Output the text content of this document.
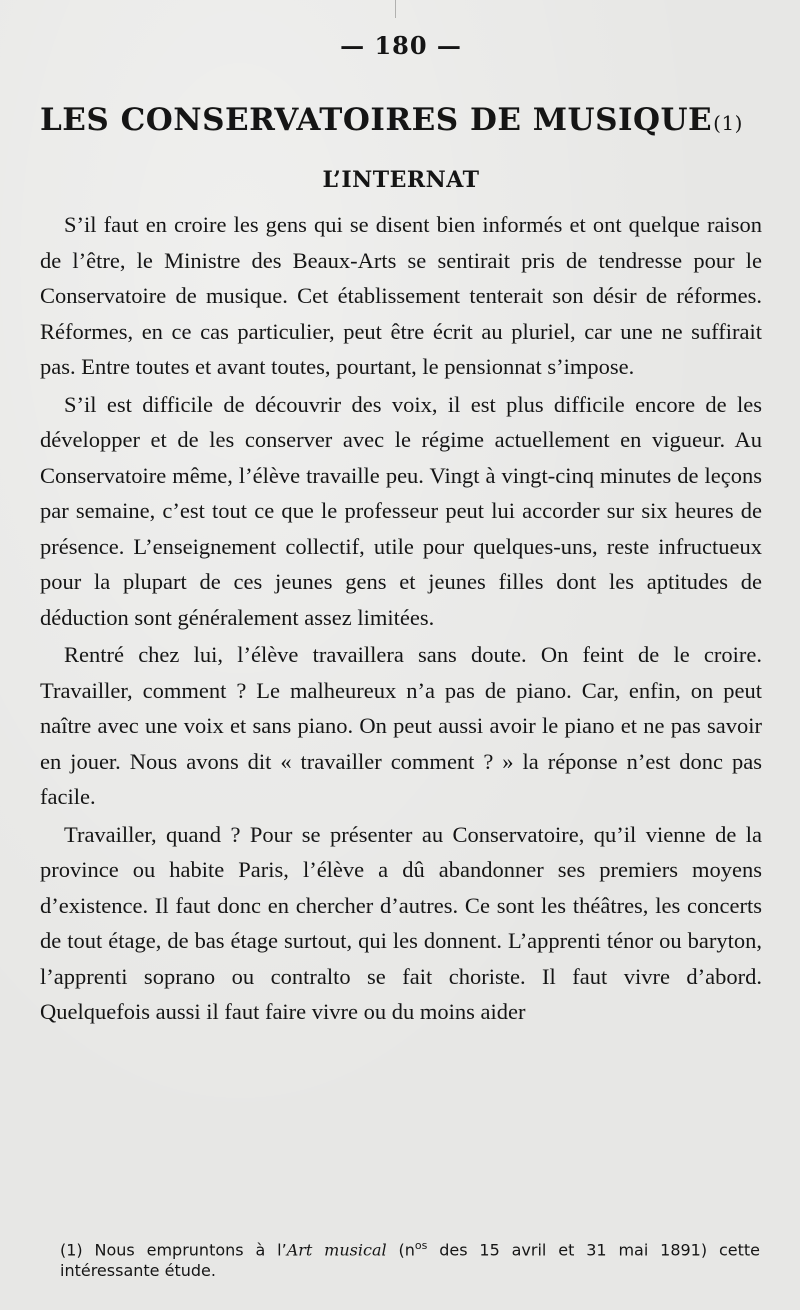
— 180 —
LES CONSERVATOIRES DE MUSIQUE(1)
L’INTERNAT

S’il faut en croire les gens qui se disent bien informés et ont quelque raison de l’être, le Ministre des Beaux-Arts se sentirait pris de tendresse pour le Conservatoire de musique. Cet établissement tenterait son désir de réformes. Réformes, en ce cas particulier, peut être écrit au pluriel, car une ne suffirait pas. Entre toutes et avant toutes, pourtant, le pensionnat s’impose.

S’il est difficile de découvrir des voix, il est plus difficile encore de les développer et de les conserver avec le régime actuellement en vigueur. Au Conservatoire même, l’élève travaille peu. Vingt à vingt-cinq minutes de leçons par semaine, c’est tout ce que le professeur peut lui accorder sur six heures de présence. L’enseignement collectif, utile pour quelques-uns, reste infructueux pour la plupart de ces jeunes gens et jeunes filles dont les aptitudes de déduction sont généralement assez limitées.

Rentré chez lui, l’élève travaillera sans doute. On feint de le croire. Travailler, comment ? Le malheureux n’a pas de piano. Car, enfin, on peut naître avec une voix et sans piano. On peut aussi avoir le piano et ne pas savoir en jouer. Nous avons dit « travailler comment ? » la réponse n’est donc pas facile.

Travailler, quand ? Pour se présenter au Conservatoire, qu’il vienne de la province ou habite Paris, l’élève a dû abandonner ses premiers moyens d’existence. Il faut donc en chercher d’autres. Ce sont les théâtres, les concerts de tout étage, de bas étage surtout, qui les donnent. L’apprenti ténor ou baryton, l’apprenti soprano ou contralto se fait choriste. Il faut vivre d’abord. Quelquefois aussi il faut faire vivre ou du moins aider

(1) Nous empruntons à l’Art musical ($n^{os}$ des 15 avril et 31 mai 1891) cette intéressante étude.
